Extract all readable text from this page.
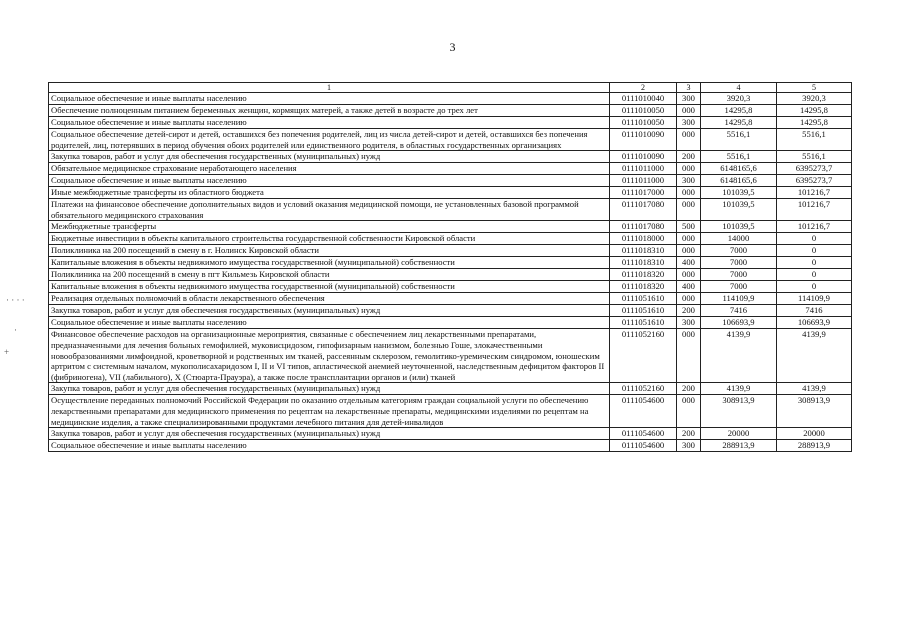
3
· · · ·
·
+
1	2	3	4	5
Социальное обеспечение и иные выплаты населению	0111010040	300	3920,3	3920,3
Обеспечение полноценным питанием беременных женщин, кормящих матерей, а также детей в возрасте до трех лет	0111010050	000	14295,8	14295,8
Социальное обеспечение и иные выплаты населению	0111010050	300	14295,8	14295,8
Социальное обеспечение детей-сирот и детей, оставшихся без попечения родителей, лиц из числа детей-сирот и детей, оставшихся без попечения родителей, лиц, потерявших в период обучения обоих родителей или единственного родителя, в областных государственных организациях	0111010090	000	5516,1	5516,1
Закупка товаров, работ и услуг для обеспечения государственных (муниципальных) нужд	0111010090	200	5516,1	5516,1
Обязательное медицинское страхование неработающего населения	0111011000	000	6148165,6	6395273,7
Социальное обеспечение и иные выплаты населению	0111011000	300	6148165,6	6395273,7
Иные межбюджетные трансферты из областного бюджета	0111017000	000	101039,5	101216,7
Платежи на финансовое обеспечение дополнительных видов и условий оказания медицинской помощи, не установленных базовой программой обязательного медицинского страхования	0111017080	000	101039,5	101216,7
Межбюджетные трансферты	0111017080	500	101039,5	101216,7
Бюджетные инвестиции в объекты капитального строительства государственной собственности Кировской области	0111018000	000	14000	0
Поликлиника на 200 посещений в смену в г. Нолинск Кировской области	0111018310	000	7000	0
Капитальные вложения в объекты недвижимого имущества государственной (муниципальной) собственности	0111018310	400	7000	0
Поликлиника на 200 посещений в смену в пгт Кильмезь Кировской области	0111018320	000	7000	0
Капитальные вложения в объекты недвижимого имущества государственной (муниципальной) собственности	0111018320	400	7000	0
Реализация отдельных полномочий в области лекарственного обеспечения	0111051610	000	114109,9	114109,9
Закупка товаров, работ и услуг для обеспечения государственных (муниципальных) нужд	0111051610	200	7416	7416
Социальное обеспечение и иные выплаты населению	0111051610	300	106693,9	106693,9
Финансовое обеспечение расходов на организационные мероприятия, связанные с обеспечением лиц лекарственными препаратами, предназначенными для лечения больных гемофилией, муковисцидозом, гипофизарным нанизмом, болезнью Гоше, злокачественными новообразованиями лимфоидной, кроветворной и родственных им тканей, рассеянным склерозом, гемолитико-уремическим синдромом, юношеским артритом с системным началом, мукополисахаридозом I, II и VI типов, апластической анемией неуточненной, наследственным дефицитом факторов II (фибриногена), VII (лабильного), X (Стюарта-Прауэра), а также после трансплантации органов и (или) тканей	0111052160	000	4139,9	4139,9
Закупка товаров, работ и услуг для обеспечения государственных (муниципальных) нужд	0111052160	200	4139,9	4139,9
Осуществление переданных полномочий Российской Федерации по оказанию отдельным категориям граждан социальной услуги по обеспечению лекарственными препаратами для медицинского применения по рецептам на лекарственные препараты, медицинскими изделиями по рецептам на медицинские изделия, а также специализированными продуктами лечебного питания для детей-инвалидов	0111054600	000	308913,9	308913,9
Закупка товаров, работ и услуг для обеспечения государственных (муниципальных) нужд	0111054600	200	20000	20000
Социальное обеспечение и иные выплаты населению	0111054600	300	288913,9	288913,9
